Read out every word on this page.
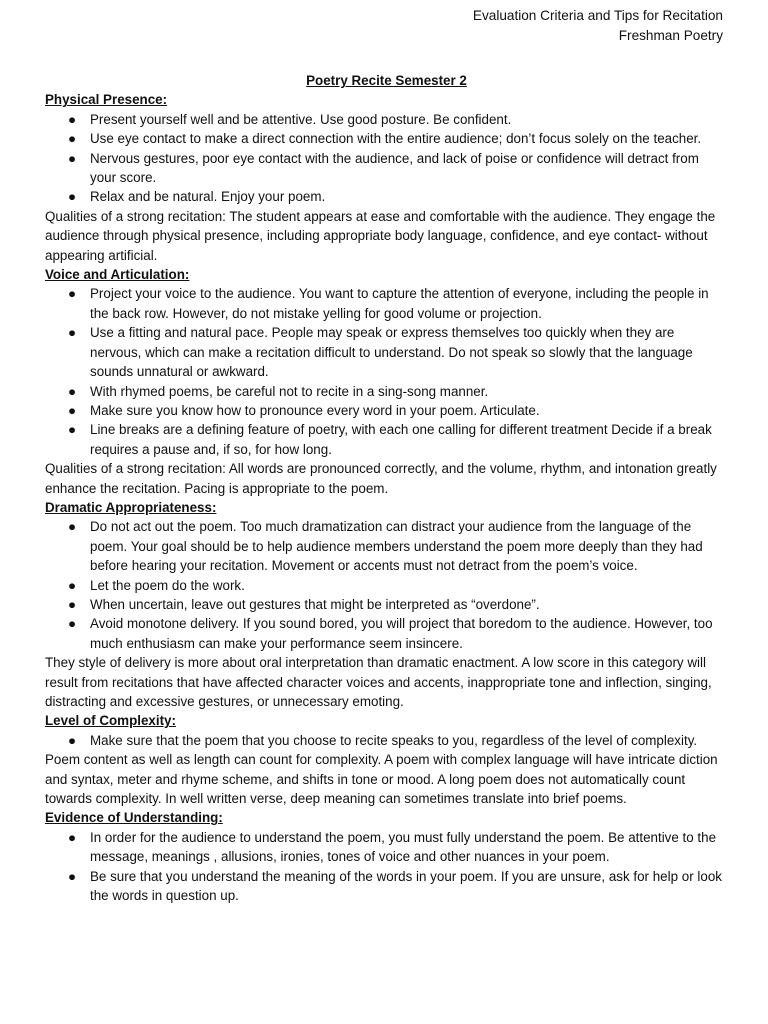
Evaluation Criteria and Tips for Recitation
Freshman Poetry
Poetry Recite Semester 2
Physical Presence:
● Present yourself well and be attentive. Use good posture. Be confident.
● Use eye contact to make a direct connection with the entire audience; don’t focus solely on the teacher.
● Nervous gestures, poor eye contact with the audience, and lack of poise or confidence will detract from your score.
● Relax and be natural. Enjoy your poem.

Qualities of a strong recitation: The student appears at ease and comfortable with the audience. They engage the audience through physical presence, including appropriate body language, confidence, and eye contact- without appearing artificial.

Voice and Articulation:
● Project your voice to the audience. You want to capture the attention of everyone, including the people in the back row. However, do not mistake yelling for good volume or projection.
● Use a fitting and natural pace. People may speak or express themselves too quickly when they are nervous, which can make a recitation difficult to understand. Do not speak so slowly that the language sounds unnatural or awkward.
● With rhymed poems, be careful not to recite in a sing-song manner.
● Make sure you know how to pronounce every word in your poem. Articulate.
● Line breaks are a defining feature of poetry, with each one calling for different treatment Decide if a break requires a pause and, if so, for how long.

Qualities of a strong recitation: All words are pronounced correctly, and the volume, rhythm, and intonation greatly enhance the recitation. Pacing is appropriate to the poem.

Dramatic Appropriateness:
● Do not act out the poem. Too much dramatization can distract your audience from the language of the poem. Your goal should be to help audience members understand the poem more deeply than they had before hearing your recitation. Movement or accents must not detract from the poem’s voice.
● Let the poem do the work.
● When uncertain, leave out gestures that might be interpreted as “overdone”.
● Avoid monotone delivery. If you sound bored, you will project that boredom to the audience. However, too much enthusiasm can make your performance seem insincere.

They style of delivery is more about oral interpretation than dramatic enactment. A low score in this category will result from recitations that have affected character voices and accents, inappropriate tone and inflection, singing, distracting and excessive gestures, or unnecessary emoting.

Level of Complexity:
● Make sure that the poem that you choose to recite speaks to you, regardless of the level of complexity.

Poem content as well as length can count for complexity. A poem with complex language will have intricate diction and syntax, meter and rhyme scheme, and shifts in tone or mood. A long poem does not automatically count towards complexity. In well written verse, deep meaning can sometimes translate into brief poems.

Evidence of Understanding:
● In order for the audience to understand the poem, you must fully understand the poem. Be attentive to the message, meanings , allusions, ironies, tones of voice and other nuances in your poem.
● Be sure that you understand the meaning of the words in your poem. If you are unsure, ask for help or look the words in question up.
